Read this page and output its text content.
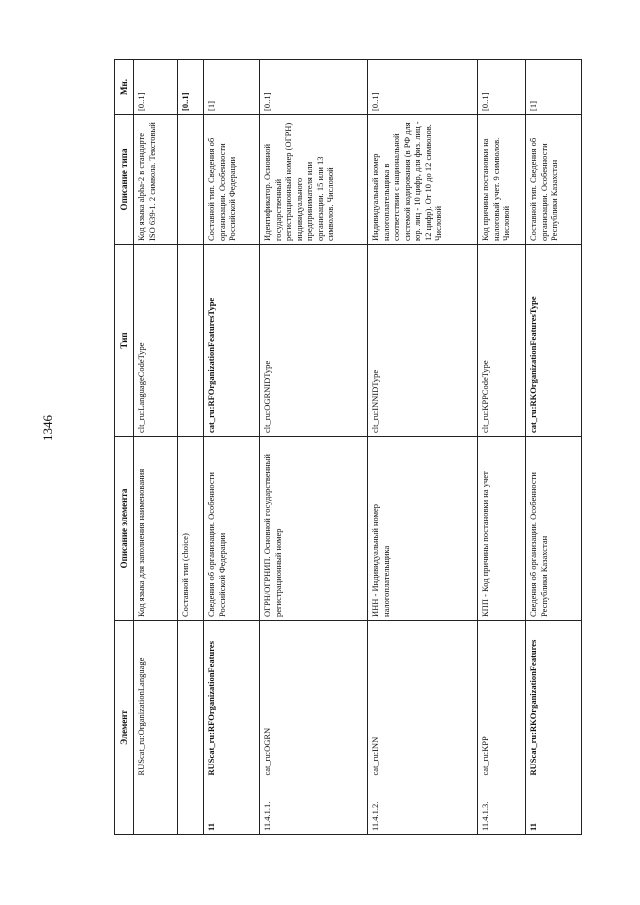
1346
Элемент		Описание элемента	Тип	Описание типа	Мн.
	RUScat_ru:OrganizationLanguage	Код языка для заполнения наименования	clt_ru:LanguageCodeType	Код языка alpha-2 в стандарте ISO 639-1. 2 символа. Текстовый	[0..1]
		Составной тип (choice)			[0..1]
11	RUScat_ru:RFOrganizationFeatures	Сведения об организации. Особенности Российской Федерации	cat_ru:RFOrganizationFeaturesType	Составной тип. Сведения об организации. Особенности Российской Федерации	[1]
11.4.1.1.	cat_ru:OGRN	ОГРН/ОГРНИП. Основной государственный регистрационный номер	clt_ru:OGRNIDType	Идентификатор. Основной государственный регистрационный номер (ОГРН) индивидуального предпринимателя или организации. 15 или 13 символов. Числовой	[0..1]
11.4.1.2.	cat_ru:INN	ИНН - Индивидуальный номер налогоплательщика	clt_ru:INNIDType	Индивидуальный номер налогоплательщика в соответствии с национальной системой кодирования (в РФ для юр. лиц - 10 цифр, для физ. лиц - 12 цифр). От 10 до 12 символов. Числовой	[0..1]
11.4.1.3.	cat_ru:KPP	КПП - Код причины постановки на учет	clt_ru:KPPCodeType	Код причины постановки на налоговый учет. 9 символов. Числовой	[0..1]
11	RUScat_ru:RKOrganizationFeatures	Сведения об организации. Особенности Республики Казахстан	cat_ru:RKOrganizationFeaturesType	Составной тип. Сведения об организации. Особенности Республики Казахстан	[1]
